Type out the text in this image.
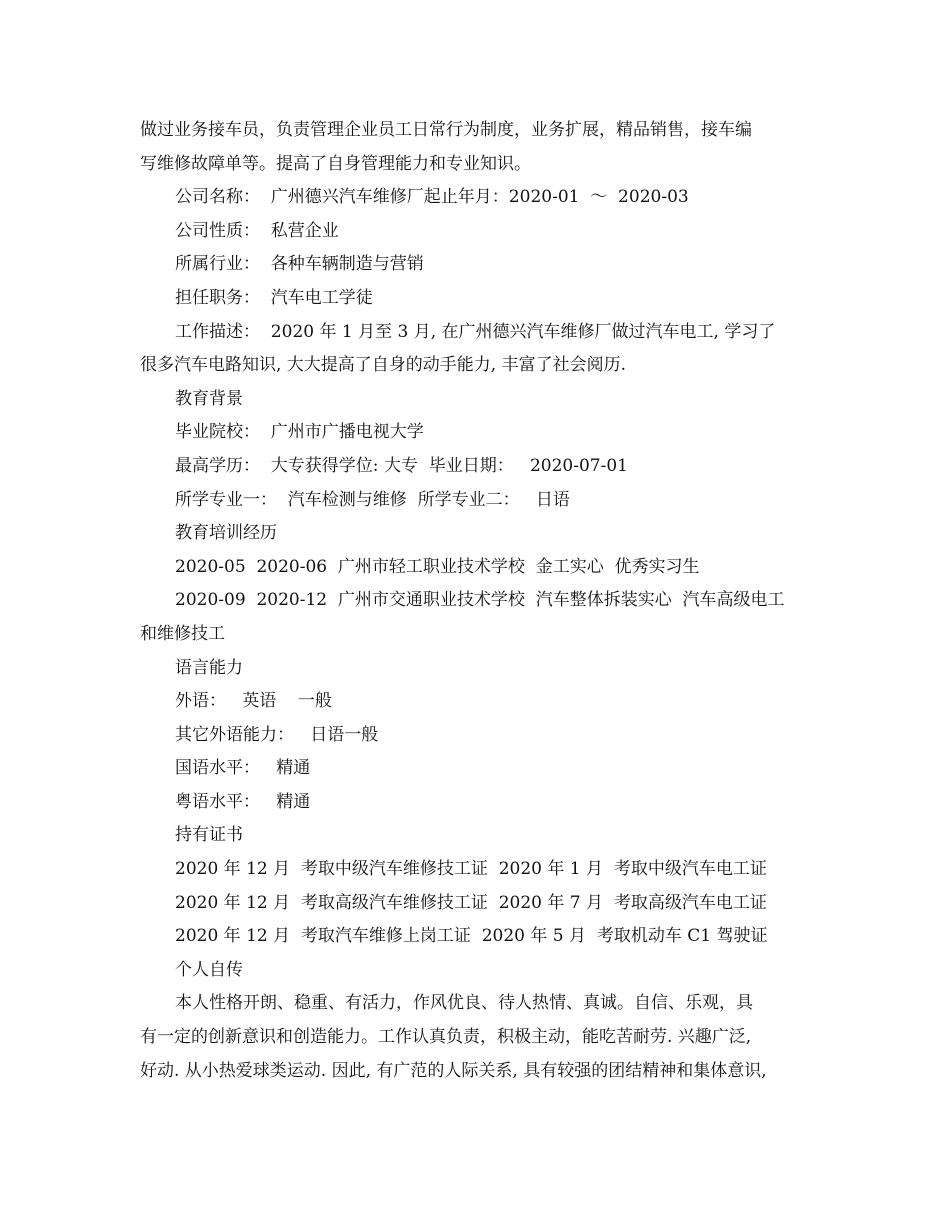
做过业务接车员，负责管理企业员工日常行为制度，业务扩展，精品销售，接车编
写维修故障单等。提高了自身管理能力和专业知识。
公司名称：  广州德兴汽车维修厂起止年月：2020-01  ～  2020-03
公司性质：  私营企业
所属行业：  各种车辆制造与营销
担任职务：  汽车电工学徒
工作描述：  2020 年 1 月至 3 月, 在广州德兴汽车维修厂做过汽车电工, 学习了
很多汽车电路知识, 大大提高了自身的动手能力, 丰富了社会阅历.
教育背景
毕业院校：  广州市广播电视大学
最高学历：  大专获得学位: 大专  毕业日期：   2020-07-01
所学专业一：  汽车检测与维修  所学专业二：   日语
教育培训经历
2020-05  2020-06  广州市轻工职业技术学校  金工实心  优秀实习生
2020-09  2020-12  广州市交通职业技术学校  汽车整体拆装实心  汽车高级电工
和维修技工
语言能力
外语：   英语    一般
其它外语能力：   日语一般
国语水平：   精通
粤语水平：   精通
持有证书
2020 年 12 月  考取中级汽车维修技工证  2020 年 1 月  考取中级汽车电工证
2020 年 12 月  考取高级汽车维修技工证  2020 年 7 月  考取高级汽车电工证
2020 年 12 月  考取汽车维修上岗工证  2020 年 5 月  考取机动车 C1 驾驶证
个人自传
本人性格开朗、稳重、有活力，作风优良、待人热情、真诚。自信、乐观，具
有一定的创新意识和创造能力。工作认真负责，积极主动，能吃苦耐劳. 兴趣广泛,
好动. 从小热爱球类运动. 因此, 有广范的人际关系, 具有较强的团结精神和集体意识,
